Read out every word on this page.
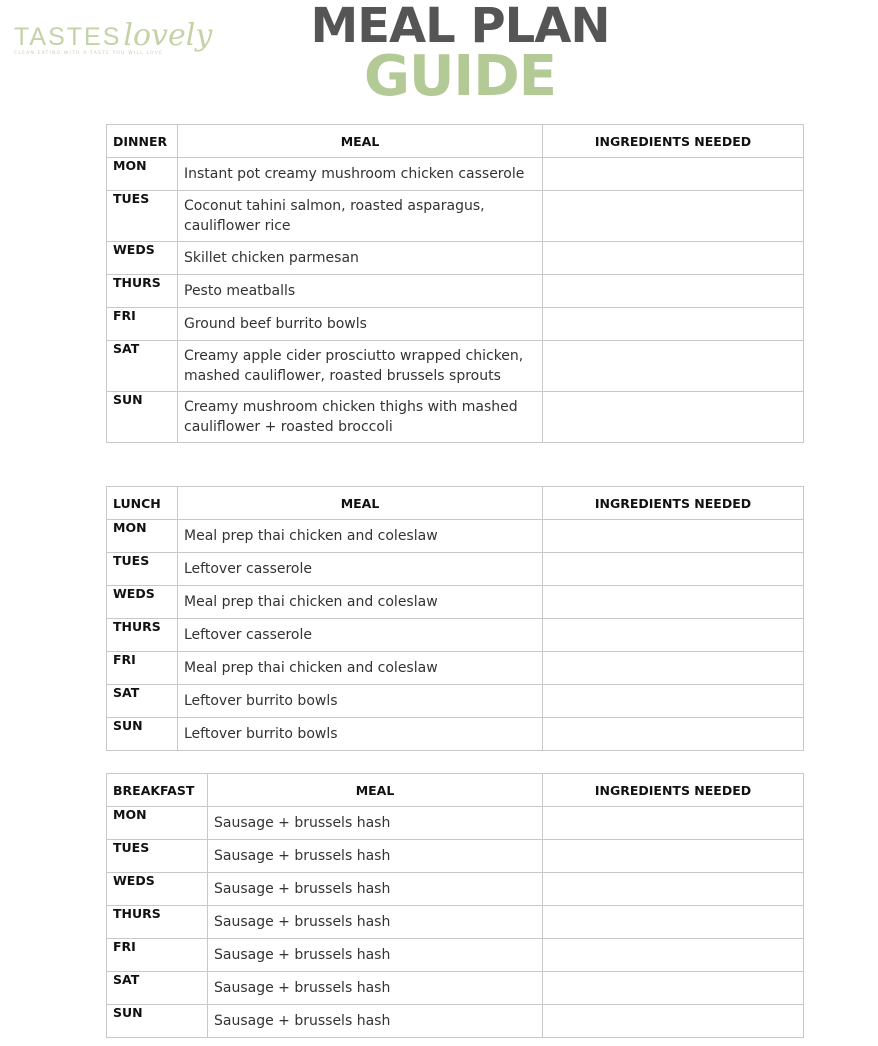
TASTESlovely
CLEAN EATING WITH A TASTE YOU WILL LOVE	MEAL PLAN
GUIDE
DINNER	MEAL	INGREDIENTS NEEDED
MON	Instant pot creamy mushroom chicken casserole	
TUES	Coconut tahini salmon, roasted asparagus, cauliflower rice	
WEDS	Skillet chicken parmesan	
THURS	Pesto meatballs	
FRI	Ground beef burrito bowls	
SAT	Creamy apple cider prosciutto wrapped chicken, mashed cauliflower, roasted brussels sprouts	
SUN	Creamy mushroom chicken thighs with mashed cauliflower + roasted broccoli	
LUNCH	MEAL	INGREDIENTS NEEDED
MON	Meal prep thai chicken and coleslaw	
TUES	Leftover casserole	
WEDS	Meal prep thai chicken and coleslaw	
THURS	Leftover casserole	
FRI	Meal prep thai chicken and coleslaw	
SAT	Leftover burrito bowls	
SUN	Leftover burrito bowls	
BREAKFAST	MEAL	INGREDIENTS NEEDED
MON	Sausage + brussels hash	
TUES	Sausage + brussels hash	
WEDS	Sausage + brussels hash	
THURS	Sausage + brussels hash	
FRI	Sausage + brussels hash	
SAT	Sausage + brussels hash	
SUN	Sausage + brussels hash	
